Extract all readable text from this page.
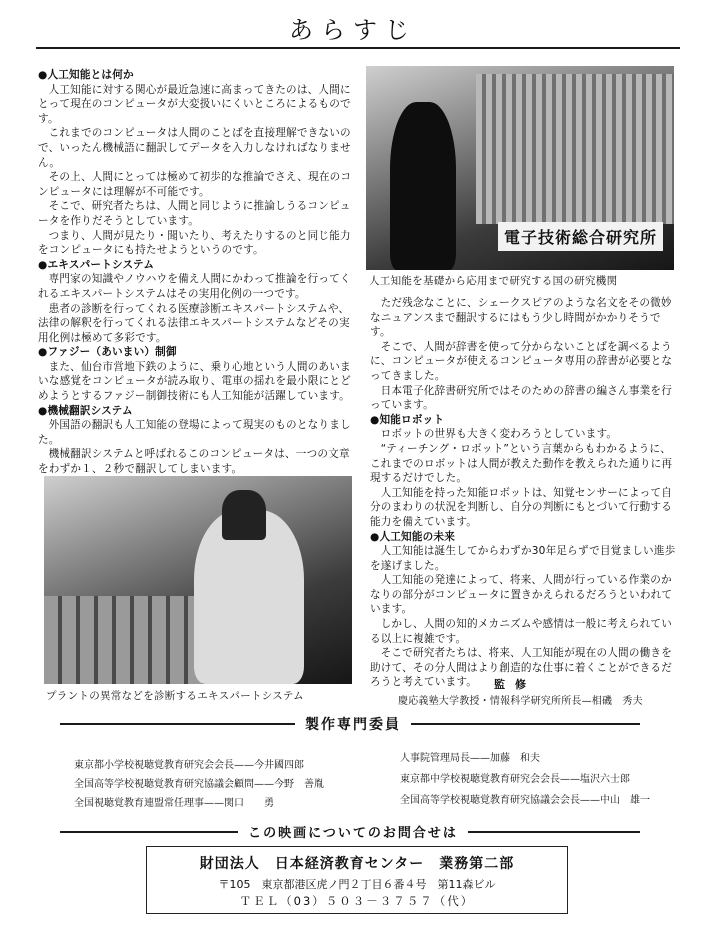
あらすじ
電子技術総合研究所
人工知能を基礎から応用まで研究する国の研究機関
●人工知能とは何か

人工知能に対する関心が最近急速に高まってきたのは、人間にとって現在のコンピュータが大変扱いにくいところによるものです。

これまでのコンピュータは人間のことばを直接理解できないので、いったん機械語に翻訳してデータを入力しなければなりません。

その上、人間にとっては極めて初歩的な推論でさえ、現在のコンピュータには理解が不可能です。

そこで、研究者たちは、人間と同じように推論しうるコンピュータを作りだそうとしています。

つまり、人間が見たり・聞いたり、考えたりするのと同じ能力をコンピュータにも持たせようというのです。

●エキスパートシステム

専門家の知識やノウハウを備え人間にかわって推論を行ってくれるエキスパートシステムはその実用化例の一つです。

患者の診断を行ってくれる医療診断エキスパートシステムや、法律の解釈を行ってくれる法律エキスパートシステムなどその実用化例は極めて多彩です。

●ファジー（あいまい）制御

また、仙台市営地下鉄のように、乗り心地という人間のあいまいな感覚をコンピュータが読み取り、電車の揺れを最小限にとどめようとするファジー制御技術にも人工知能が活躍しています。

●機械翻訳システム

外国語の翻訳も人工知能の登場によって現実のものとなりました。

機械翻訳システムと呼ばれるこのコンピュータは、一つの文章をわずか１、２秒で翻訳してしまいます。

プラントの異常などを診断するエキスパートシステム

ただ残念なことに、シェークスピアのような名文をその微妙なニュアンスまで翻訳するにはもう少し時間がかかりそうです。

そこで、人間が辞書を使って分からないことばを調べるように、コンピュータが使えるコンピュータ専用の辞書が必要となってきました。

日本電子化辞書研究所ではそのための辞書の編さん事業を行っています。

●知能ロボット

ロボットの世界も大きく変わろうとしています。

“ティーチング・ロボット”という言葉からもわかるように、これまでのロボットは人間が教えた動作を教えられた通りに再現するだけでした。

人工知能を持った知能ロボットは、知覚センサーによって自分のまわりの状況を判断し、自分の判断にもとづいて行動する能力を備えています。

●人工知能の未来

人工知能は誕生してからわずか30年足らずで目覚ましい進歩を遂げました。

人工知能の発達によって、将来、人間が行っている作業のかなりの部分がコンピュータに置きかえられるだろうといわれています。

しかし、人間の知的メカニズムや感情は一般に考えられている以上に複雑です。

そこで研究者たちは、将来、人工知能が現在の人間の働きを助けて、その分人間はより創造的な仕事に着くことができるだろうと考えています。	監修
慶応義塾大学教授・情報科学研究所所長—相磯　秀夫
製作専門委員
東京都小学校視聴覚教育研究会会長——今井國四郎
全国高等学校視聴覚教育研究協議会顧問——今野　善胤
全国視聴覚教育連盟常任理事——関口　　勇
人事院管理局長——加藤　和夫
東京都中学校視聴覚教育研究会会長——塩沢六士郎
全国高等学校視聴覚教育研究協議会会長——中山　雄一
この映画についてのお問合せは
財団法人　日本経済教育センター　業務第二部
〒105　東京都港区虎ノ門２丁目６番４号　第11森ビル
ＴＥＬ（03）５０３－３７５７（代）
